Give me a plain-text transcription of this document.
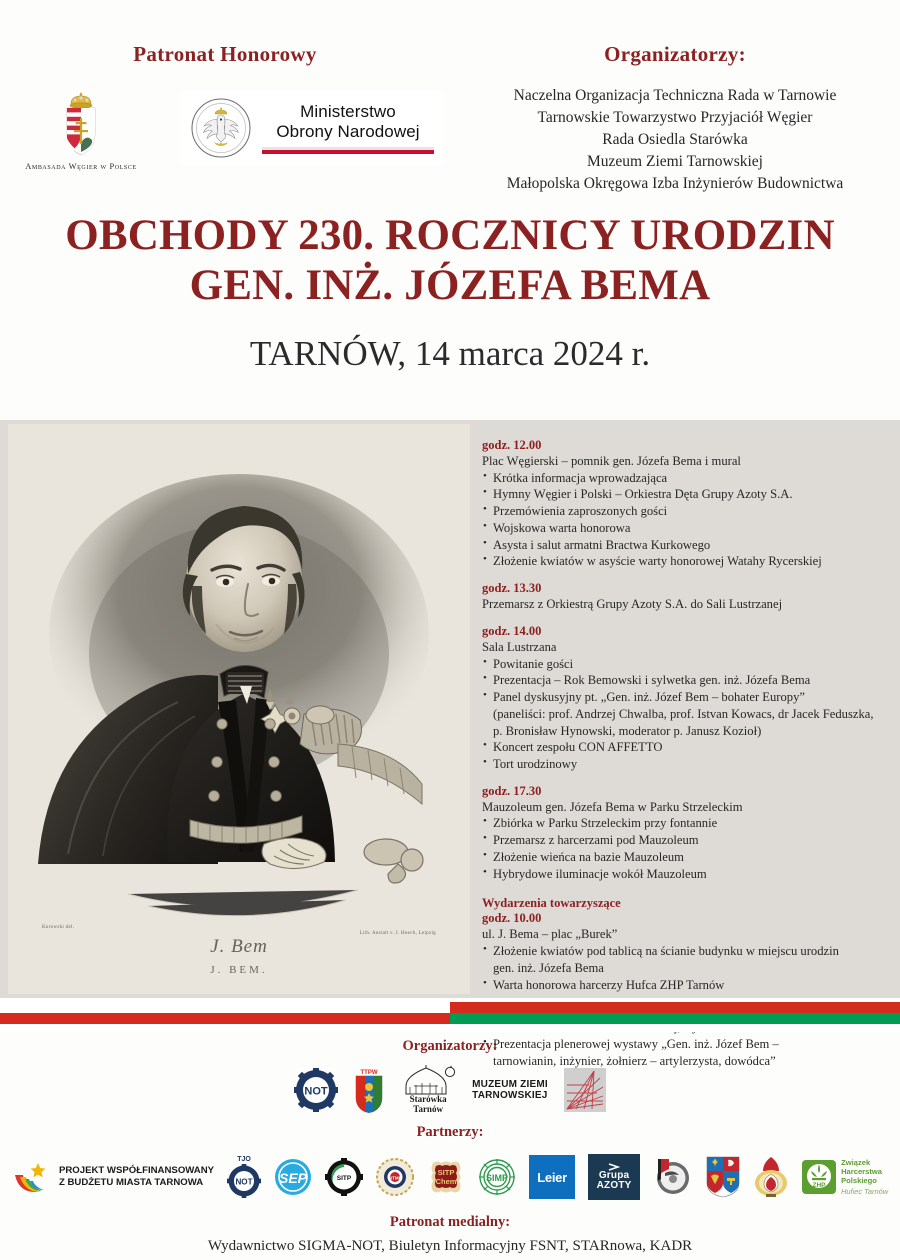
Patronat Honorowy
Ambasada Węgier w Polsce
Ministerstwo
Obrony Narodowej
Organizatorzy:
Naczelna Organizacja Techniczna Rada w Tarnowie
Tarnowskie Towarzystwo Przyjaciół Węgier
Rada Osiedla Starówka
Muzeum Ziemi Tarnowskiej
Małopolska Okręgowa Izba Inżynierów Budownictwa
OBCHODY 230. ROCZNICY URODZIN
GEN. INŻ. JÓZEFA BEMA
TARNÓW, 14 marca 2024 r.
Kurowski del.
Lith. Anstalt v. J. Hoech, Leipzig
J. Bem
J. BEM.
godz. 12.00
Plac Węgierski – pomnik gen. Józefa Bema i mural
• Krótka informacja wprowadzająca
• Hymny Węgier i Polski – Orkiestra Dęta Grupy Azoty S.A.
• Przemówienia zaproszonych gości
• Wojskowa warta honorowa
• Asysta i salut armatni Bractwa Kurkowego
• Złożenie kwiatów w asyście warty honorowej Watahy Rycerskiej
godz. 13.30
Przemarsz z Orkiestrą Grupy Azoty S.A. do Sali Lustrzanej
godz. 14.00
Sala Lustrzana
• Powitanie gości
• Prezentacja – Rok Bemowski i sylwetka gen. inż. Józefa Bema
• Panel dyskusyjny pt. „Gen. inż. Józef Bem – bohater Europy”
(paneliści: prof. Andrzej Chwalba, prof. Istvan Kowacs, dr Jacek Feduszka,
p. Bronisław Hynowski, moderator p. Janusz Kozioł)
• Koncert zespołu CON AFFETTO
• Tort urodzinowy
godz. 17.30
Mauzoleum gen. Józefa Bema w Parku Strzeleckim
• Zbiórka w Parku Strzeleckim przy fontannie
• Przemarsz z harcerzami pod Mauzoleum
• Złożenie wieńca na bazie Mauzoleum
• Hybrydowe iluminacje wokół Mauzoleum
Wydarzenia towarzyszące
godz. 10.00
ul. J. Bema – plac „Burek”
• Złożenie kwiatów pod tablicą na ścianie budynku w miejscu urodzin
gen. inż. Józefa Bema
• Warta honorowa harcerzy Hufca ZHP Tarnów
• Prezentacja plenerowej wystawy „Gen. inż. Józef Bem –
tarnowianin, inżynier, żołnierz – artylerzysta, dowódca”
Organizatorzy:
NOT
TTPW
Starówka
Tarnów
MUZEUM ZIEMI
TARNOWSKIEJ
Partnerzy:
PROJEKT WSPÓŁFINANSOWANY
Z BUDŻETU MIASTA TARNOWA
TJO
NOT SEP	SITP	SITMN
SITP
Chem	SIMP Leier	Grupa
AZOTY	ZHP
Związek
Harcerstwa
Polskiego
Hufiec Tarnów
Patronat medialny:
Wydawnictwo SIGMA-NOT, Biuletyn Informacyjny FSNT, STARnowa, KADR
